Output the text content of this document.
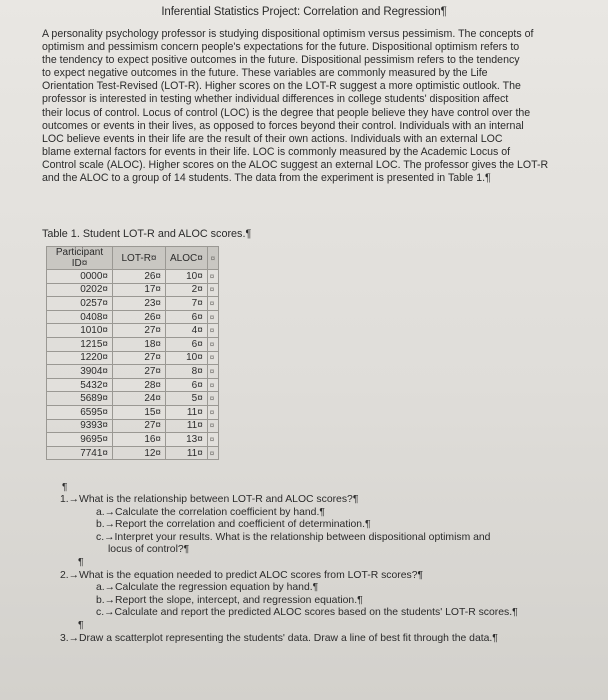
Inferential Statistics Project: Correlation and Regression¶
A personality psychology professor is studying dispositional optimism versus pessimism. The concepts of
optimism and pessimism concern people's expectations for the future. Dispositional optimism refers to
the tendency to expect positive outcomes in the future. Dispositional pessimism refers to the tendency
to expect negative outcomes in the future. These variables are commonly measured by the Life
Orientation Test-Revised (LOT-R). Higher scores on the LOT-R suggest a more optimistic outlook. The
professor is interested in testing whether individual differences in college students' disposition affect
their locus of control. Locus of control (LOC) is the degree that people believe they have control over the
outcomes or events in their lives, as opposed to forces beyond their control. Individuals with an internal
LOC believe events in their life are the result of their own actions. Individuals with an external LOC
blame external factors for events in their life. LOC is commonly measured by the Academic Locus of
Control scale (ALOC). Higher scores on the ALOC suggest an external LOC. The professor gives the LOT-R
and the ALOC to a group of 14 students. The data from the experiment is presented in Table 1.¶
Table 1. Student LOT-R and ALOC scores.¶
Participant ID¤	LOT-R¤	ALOC¤	¤
0000¤	26¤	10¤	¤
0202¤	17¤	2¤	¤
0257¤	23¤	7¤	¤
0408¤	26¤	6¤	¤
1010¤	27¤	4¤	¤
1215¤	18¤	6¤	¤
1220¤	27¤	10¤	¤
3904¤	27¤	8¤	¤
5432¤	28¤	6¤	¤
5689¤	24¤	5¤	¤
6595¤	15¤	11¤	¤
9393¤	27¤	11¤	¤
9695¤	16¤	13¤	¤
7741¤	12¤	11¤	¤
¶

1.→What is the relationship between LOT-R and ALOC scores?¶

a.→Calculate the correlation coefficient by hand.¶

b.→Report the correlation and coefficient of determination.¶

c.→Interpret your results. What is the relationship between dispositional optimism and

locus of control?¶

¶

2.→What is the equation needed to predict ALOC scores from LOT-R scores?¶

a.→Calculate the regression equation by hand.¶

b.→Report the slope, intercept, and regression equation.¶

c.→Calculate and report the predicted ALOC scores based on the students' LOT-R scores.¶

¶

3.→Draw a scatterplot representing the students' data. Draw a line of best fit through the data.¶
